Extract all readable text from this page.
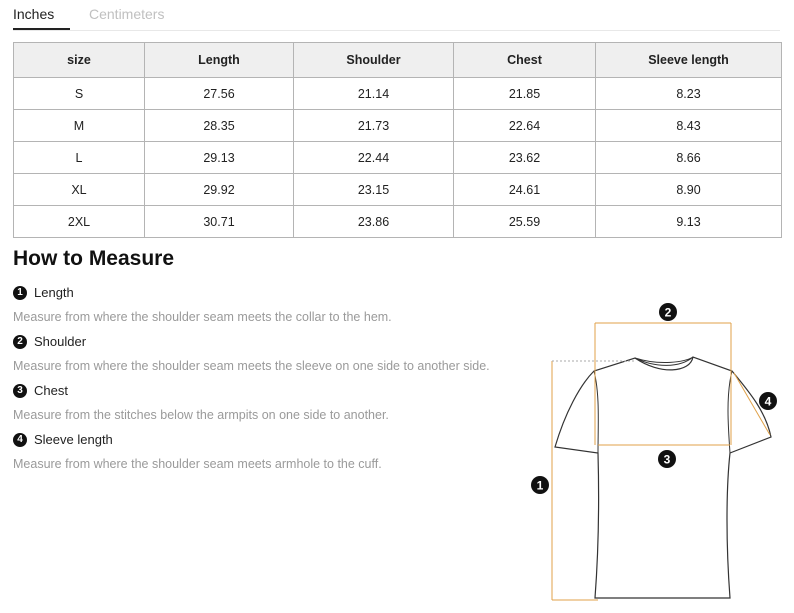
Inches Centimeters
size	Length	Shoulder	Chest	Sleeve length
S	27.56	21.14	21.85	8.23
M	28.35	21.73	22.64	8.43
L	29.13	22.44	23.62	8.66
XL	29.92	23.15	24.61	8.90
2XL	30.71	23.86	25.59	9.13
How to Measure
1 Length
Measure from where the shoulder seam meets the collar to the hem.
2 Shoulder
Measure from where the shoulder seam meets the sleeve on one side to another side.
3 Chest
Measure from the stitches below the armpits on one side to another.
4 Sleeve length
Measure from where the shoulder seam meets armhole to the cuff.
2
4
3
1
